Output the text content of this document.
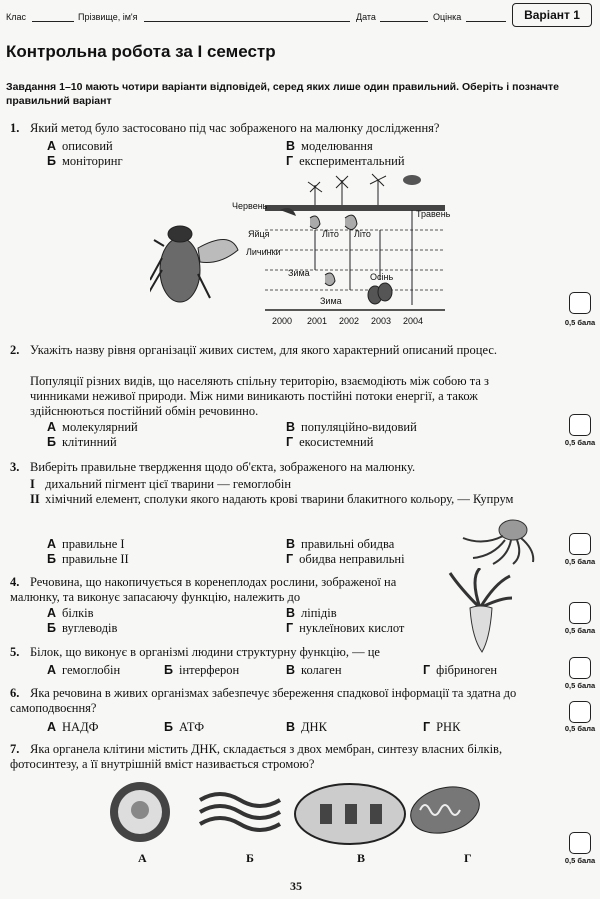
Клас	Прізвище, ім'я	Дата	Оцінка	Варіант 1
Контрольна робота за І семестр
Завдання 1–10 мають чотири варіанти відповідей, серед яких лише один правильний. Оберіть і позначте правильний варіант
1. Який метод було застосовано під час зображеного на малюнку дослідження?
А описовий
Б моніторинг
В моделювання
Г експериментальний
Червень
Яйця
Личинки
Зима
Літо Літо
Осінь
Зима
Травень
2000 2001 2002 2003 2004	0,5 бала
2. Укажіть назву рівня організації живих систем, для якого характерний описаний процес.
Популяції різних видів, що населяють спільну територію, взаємодіють між собою та з чинниками неживої природи. Між ними виникають постійні потоки енергії, а також здійснюються постійний обмін речовинно.
А молекулярний
Б клітинний
В популяційно-видовий
Г екосистемний	0,5 бала
3. Виберіть правильне твердження щодо об'єкта, зображеного на малюнку.
І дихальний пігмент цієї тварини — гемоглобін
ІІ хімічний елемент, сполуки якого надають крові тварини блакитного кольору, — Купрум
А правильне І
Б правильне ІІ
В правильні обидва
Г обидва неправильні	0,5 бала
4. Речовина, що накопичується в коренеплодах рослини, зображеної на малюнку, та виконує запасаючу функцію, належить до
А білків
Б вуглеводів
В ліпідів
Г нуклеїнових кислот	0,5 бала
5. Білок, що виконує в організмі людини структурну функцію, — це
А гемоглобін	Б інтерферон	В колаген	Г фібриноген
0,5 бала
6. Яка речовина в живих організмах забезпечує збереження спадкової інформації та здатна до самоподвоєння?
А НАДФ	Б АТФ	В ДНК	Г РНК	0,5 бала
7. Яка органела клітини містить ДНК, складається з двох мембран, синтезу власних білків, фотосинтезу, а її внутрішній вміст називається стромою?
А	Б	В	Г	0,5 бала
35
